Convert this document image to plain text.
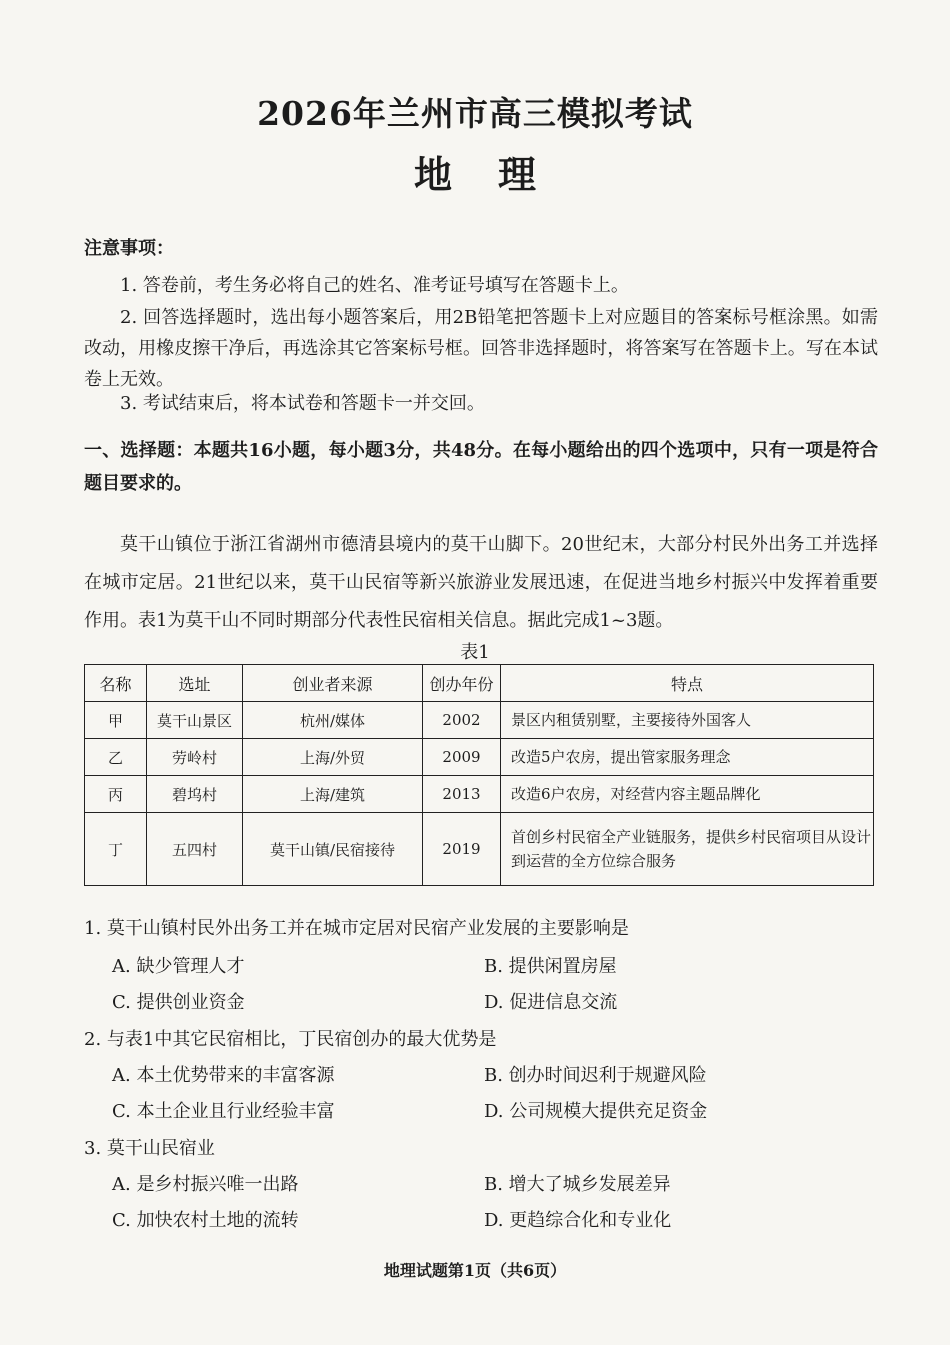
2026年兰州市高三模拟考试
地 理
注意事项：
1. 答卷前，考生务必将自己的姓名、准考证号填写在答题卡上。
2. 回答选择题时，选出每小题答案后，用2B铅笔把答题卡上对应题目的答案标号框涂黑。如需改动，用橡皮擦干净后，再选涂其它答案标号框。回答非选择题时，将答案写在答题卡上。写在本试卷上无效。
3. 考试结束后，将本试卷和答题卡一并交回。
一、选择题：本题共16小题，每小题3分，共48分。在每小题给出的四个选项中，只有一项是符合题目要求的。
莫干山镇位于浙江省湖州市德清县境内的莫干山脚下。20世纪末，大部分村民外出务工并选择在城市定居。21世纪以来，莫干山民宿等新兴旅游业发展迅速，在促进当地乡村振兴中发挥着重要作用。表1为莫干山不同时期部分代表性民宿相关信息。据此完成1~3题。
表1
名称	选址	创业者来源	创办年份	特点
甲	莫干山景区	杭州/媒体	2002	景区内租赁别墅，主要接待外国客人
乙	劳岭村	上海/外贸	2009	改造5户农房，提出管家服务理念
丙	碧坞村	上海/建筑	2013	改造6户农房，对经营内容主题品牌化
丁	五四村	莫干山镇/民宿接待	2019	首创乡村民宿全产业链服务，提供乡村民宿项目从设计到运营的全方位综合服务
1. 莫干山镇村民外出务工并在城市定居对民宿产业发展的主要影响是
A. 缺少管理人才	B. 提供闲置房屋
C. 提供创业资金	D. 促进信息交流
2. 与表1中其它民宿相比，丁民宿创办的最大优势是
A. 本土优势带来的丰富客源	B. 创办时间迟利于规避风险
C. 本土企业且行业经验丰富	D. 公司规模大提供充足资金
3. 莫干山民宿业
A. 是乡村振兴唯一出路	B. 增大了城乡发展差异
C. 加快农村土地的流转	D. 更趋综合化和专业化
地理试题第1页（共6页）
